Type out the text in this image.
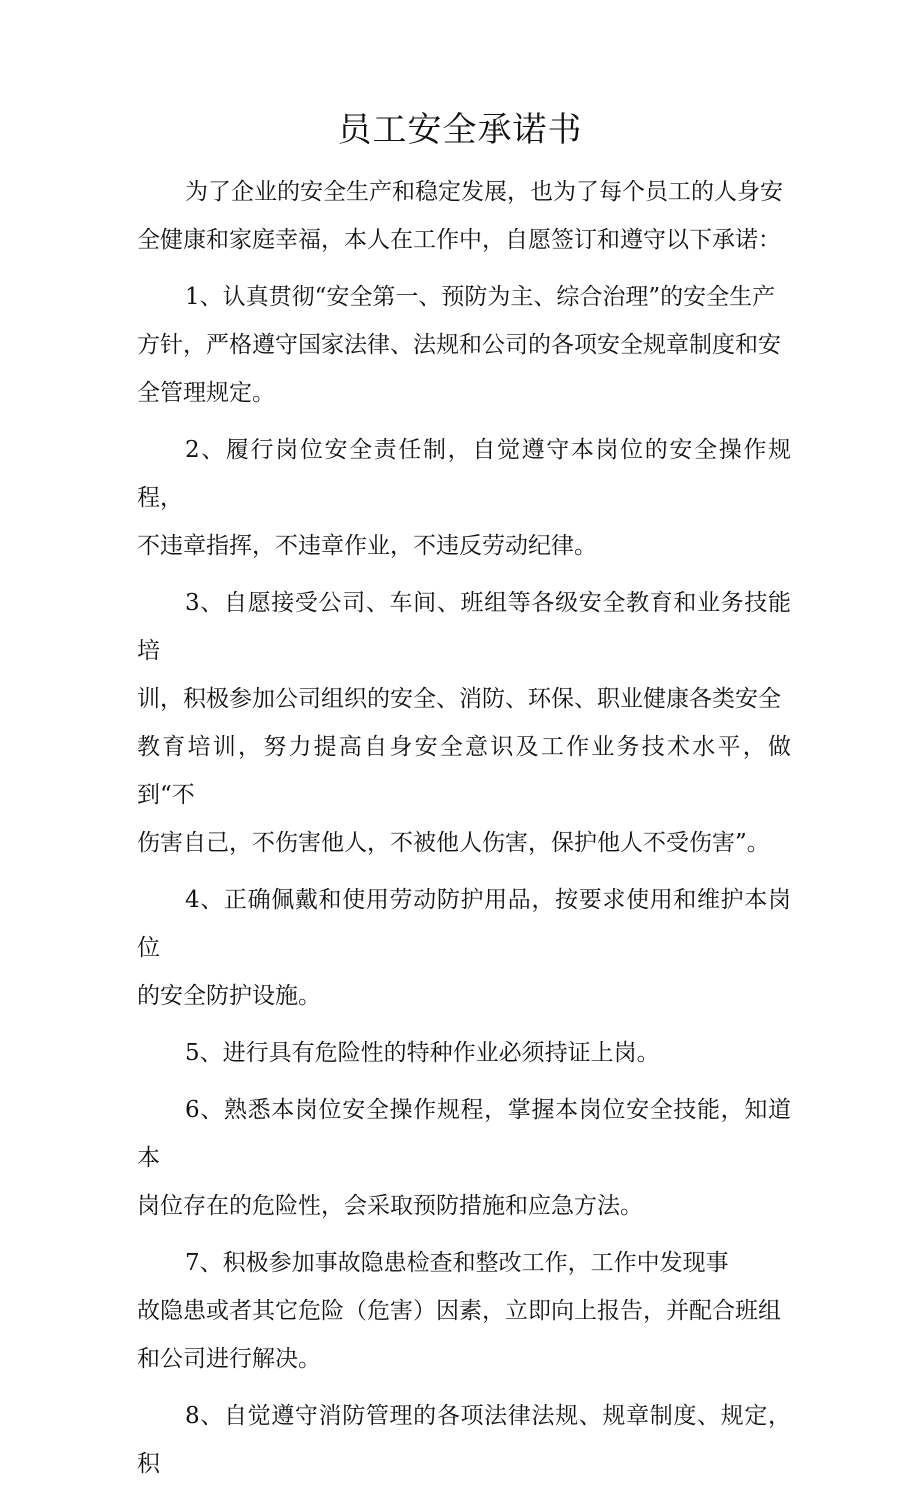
员工安全承诺书

为了企业的安全生产和稳定发展，也为了每个员工的人身安
全健康和家庭幸福，本人在工作中，自愿签订和遵守以下承诺：

1、认真贯彻“安全第一、预防为主、综合治理”的安全生产
方针，严格遵守国家法律、法规和公司的各项安全规章制度和安
全管理规定。

2、履行岗位安全责任制，自觉遵守本岗位的安全操作规程，
不违章指挥，不违章作业，不违反劳动纪律。

3、自愿接受公司、车间、班组等各级安全教育和业务技能培
训，积极参加公司组织的安全、消防、环保、职业健康各类安全
教育培训，努力提高自身安全意识及工作业务技术水平，做到“不
伤害自己，不伤害他人，不被他人伤害，保护他人不受伤害”。

4、正确佩戴和使用劳动防护用品，按要求使用和维护本岗位
的安全防护设施。

5、进行具有危险性的特种作业必须持证上岗。

6、熟悉本岗位安全操作规程，掌握本岗位安全技能，知道本
岗位存在的危险性，会采取预防措施和应急方法。

7、积极参加事故隐患检查和整改工作，工作中发现事
故隐患或者其它危险（危害）因素，立即向上报告，并配合班组
和公司进行解决。

8、自觉遵守消防管理的各项法律法规、规章制度、规定，积
